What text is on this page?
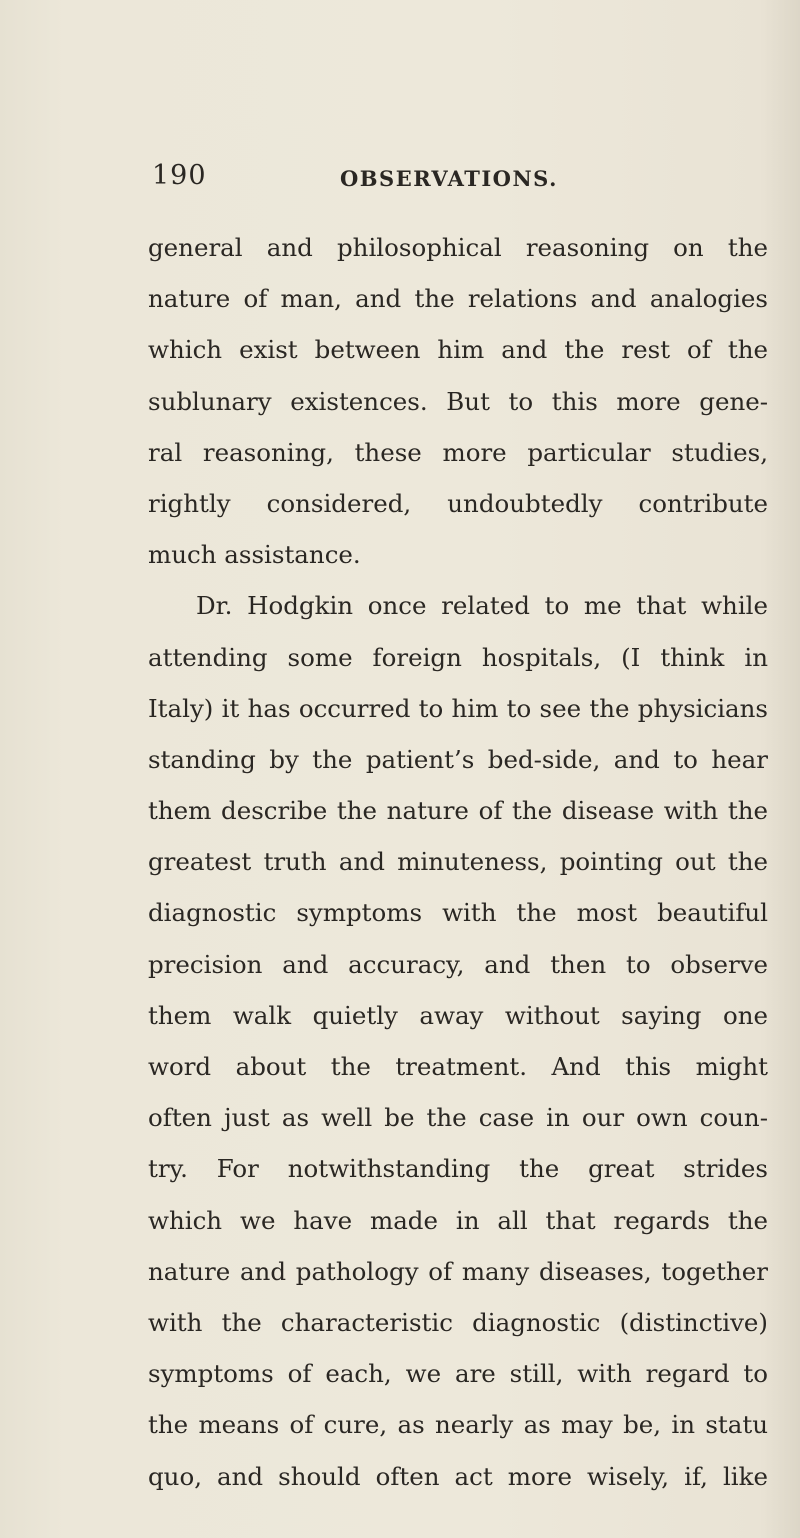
190	OBSERVATIONS.
general and philosophical reasoning on the
nature of man, and the relations and analogies
which exist between him and the rest of the
sublunary existences. But to this more gene-
ral reasoning, these more particular studies,
rightly considered, undoubtedly contribute
much assistance.
Dr. Hodgkin once related to me that while
attending some foreign hospitals, (I think in
Italy) it has occurred to him to see the physicians
standing by the patient’s bed-side, and to hear
them describe the nature of the disease with the
greatest truth and minuteness, pointing out the
diagnostic symptoms with the most beautiful
precision and accuracy, and then to observe
them walk quietly away without saying one
word about the treatment. And this might
often just as well be the case in our own coun-
try. For notwithstanding the great strides
which we have made in all that regards the
nature and pathology of many diseases, together
with the characteristic diagnostic (distinctive)
symptoms of each, we are still, with regard to
the means of cure, as nearly as may be, in statu
quo, and should often act more wisely, if, like
